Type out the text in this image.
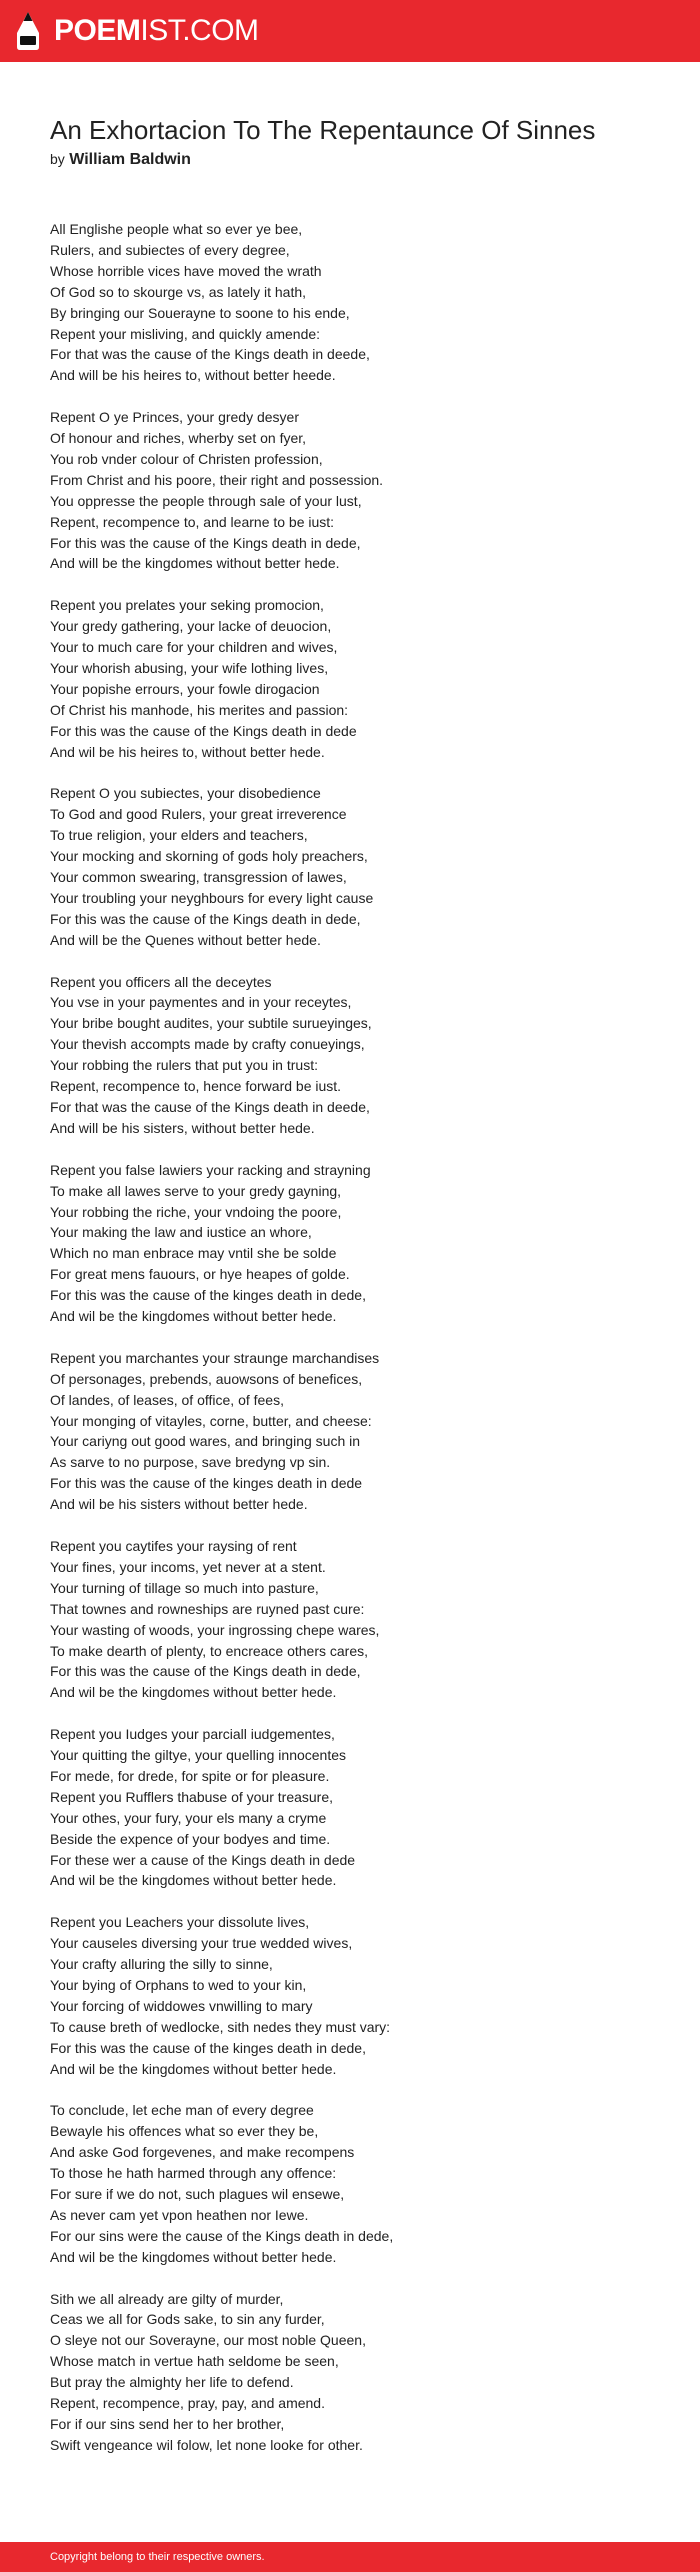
POEMIST.COM
An Exhortacion To The Repentaunce Of Sinnes
by William Baldwin
All Englishe people what so ever ye bee,
Rulers, and subiectes of every degree,
Whose horrible vices have moved the wrath
Of God so to skourge vs, as lately it hath,
By bringing our Souerayne to soone to his ende,
Repent your misliving, and quickly amende:
For that was the cause of the Kings death in deede,
And will be his heires to, without better heede.
Repent O ye Princes, your gredy desyer
Of honour and riches, wherby set on fyer,
You rob vnder colour of Christen profession,
From Christ and his poore, their right and possession.
You oppresse the people through sale of your lust,
Repent, recompence to, and learne to be iust:
For this was the cause of the Kings death in dede,
And will be the kingdomes without better hede.
Repent you prelates your seking promocion,
Your gredy gathering, your lacke of deuocion,
Your to much care for your children and wives,
Your whorish abusing, your wife lothing lives,
Your popishe errours, your fowle dirogacion
Of Christ his manhode, his merites and passion:
For this was the cause of the Kings death in dede
And wil be his heires to, without better hede.
Repent O you subiectes, your disobedience
To God and good Rulers, your great irreverence
To true religion, your elders and teachers,
Your mocking and skorning of gods holy preachers,
Your common swearing, transgression of lawes,
Your troubling your neyghbours for every light cause
For this was the cause of the Kings death in dede,
And will be the Quenes without better hede.
Repent you officers all the deceytes
You vse in your paymentes and in your receytes,
Your bribe bought audites, your subtile surueyinges,
Your thevish accompts made by crafty conueyings,
Your robbing the rulers that put you in trust:
Repent, recompence to, hence forward be iust.
For that was the cause of the Kings death in deede,
And will be his sisters, without better hede.
Repent you false lawiers your racking and strayning
To make all lawes serve to your gredy gayning,
Your robbing the riche, your vndoing the poore,
Your making the law and iustice an whore,
Which no man enbrace may vntil she be solde
For great mens fauours, or hye heapes of golde.
For this was the cause of the kinges death in dede,
And wil be the kingdomes without better hede.
Repent you marchantes your straunge marchandises
Of personages, prebends, auowsons of benefices,
Of landes, of leases, of office, of fees,
Your monging of vitayles, corne, butter, and cheese:
Your cariyng out good wares, and bringing such in
As sarve to no purpose, save bredyng vp sin.
For this was the cause of the kinges death in dede
And wil be his sisters without better hede.
Repent you caytifes your raysing of rent
Your fines, your incoms, yet never at a stent.
Your turning of tillage so much into pasture,
That townes and rowneships are ruyned past cure:
Your wasting of woods, your ingrossing chepe wares,
To make dearth of plenty, to encreace others cares,
For this was the cause of the Kings death in dede,
And wil be the kingdomes without better hede.
Repent you Iudges your parciall iudgementes,
Your quitting the giltye, your quelling innocentes
For mede, for drede, for spite or for pleasure.
Repent you Rufflers thabuse of your treasure,
Your othes, your fury, your els many a cryme
Beside the expence of your bodyes and time.
For these wer a cause of the Kings death in dede
And wil be the kingdomes without better hede.
Repent you Leachers your dissolute lives,
Your causeles diversing your true wedded wives,
Your crafty alluring the silly to sinne,
Your bying of Orphans to wed to your kin,
Your forcing of widdowes vnwilling to mary
To cause breth of wedlocke, sith nedes they must vary:
For this was the cause of the kinges death in dede,
And wil be the kingdomes without better hede.
To conclude, let eche man of every degree
Bewayle his offences what so ever they be,
And aske God forgevenes, and make recompens
To those he hath harmed through any offence:
For sure if we do not, such plagues wil ensewe,
As never cam yet vpon heathen nor Iewe.
For our sins were the cause of the Kings death in dede,
And wil be the kingdomes without better hede.
Sith we all already are gilty of murder,
Ceas we all for Gods sake, to sin any furder,
O sleye not our Soverayne, our most noble Queen,
Whose match in vertue hath seldome be seen,
But pray the almighty her life to defend.
Repent, recompence, pray, pay, and amend.
For if our sins send her to her brother,
Swift vengeance wil folow, let none looke for other.
Copyright belong to their respective owners.
